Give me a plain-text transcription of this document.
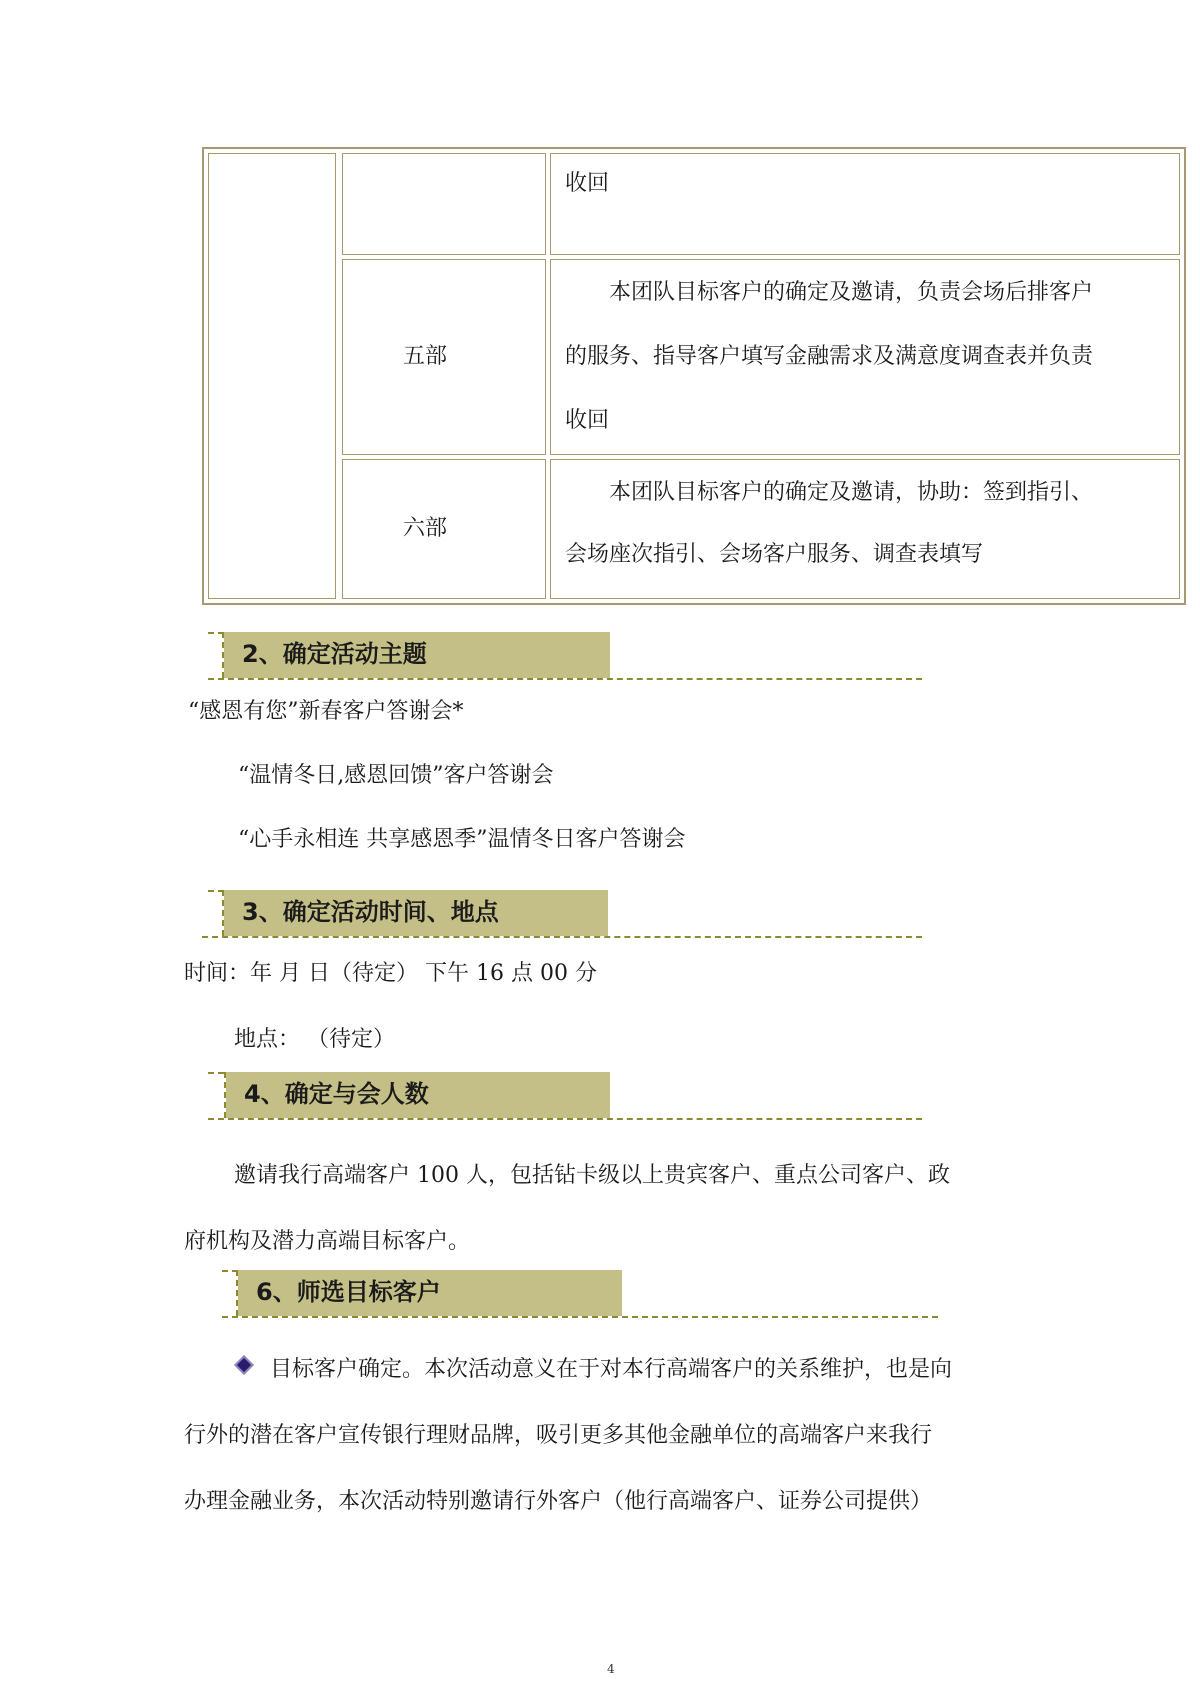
收回
五部
本团队目标客户的确定及邀请，负责会场后排客户
的服务、指导客户填写金融需求及满意度调查表并负责
收回
六部
本团队目标客户的确定及邀请，协助：签到指引、
会场座次指引、会场客户服务、调查表填写
2、确定活动主题
“感恩有您”新春客户答谢会*
“温情冬日,感恩回馈”客户答谢会
“心手永相连 共享感恩季”温情冬日客户答谢会
3、确定活动时间、地点
时间：年 月 日（待定） 下午 16 点 00 分
地点： （待定）
4、确定与会人数
邀请我行高端客户 100 人，包括钻卡级以上贵宾客户、重点公司客户、政
府机构及潜力高端目标客户。
6、师选目标客户
目标客户确定。本次活动意义在于对本行高端客户的关系维护，也是向
行外的潜在客户宣传银行理财品牌，吸引更多其他金融单位的高端客户来我行
办理金融业务，本次活动特别邀请行外客户（他行高端客户、证券公司提供）
4
